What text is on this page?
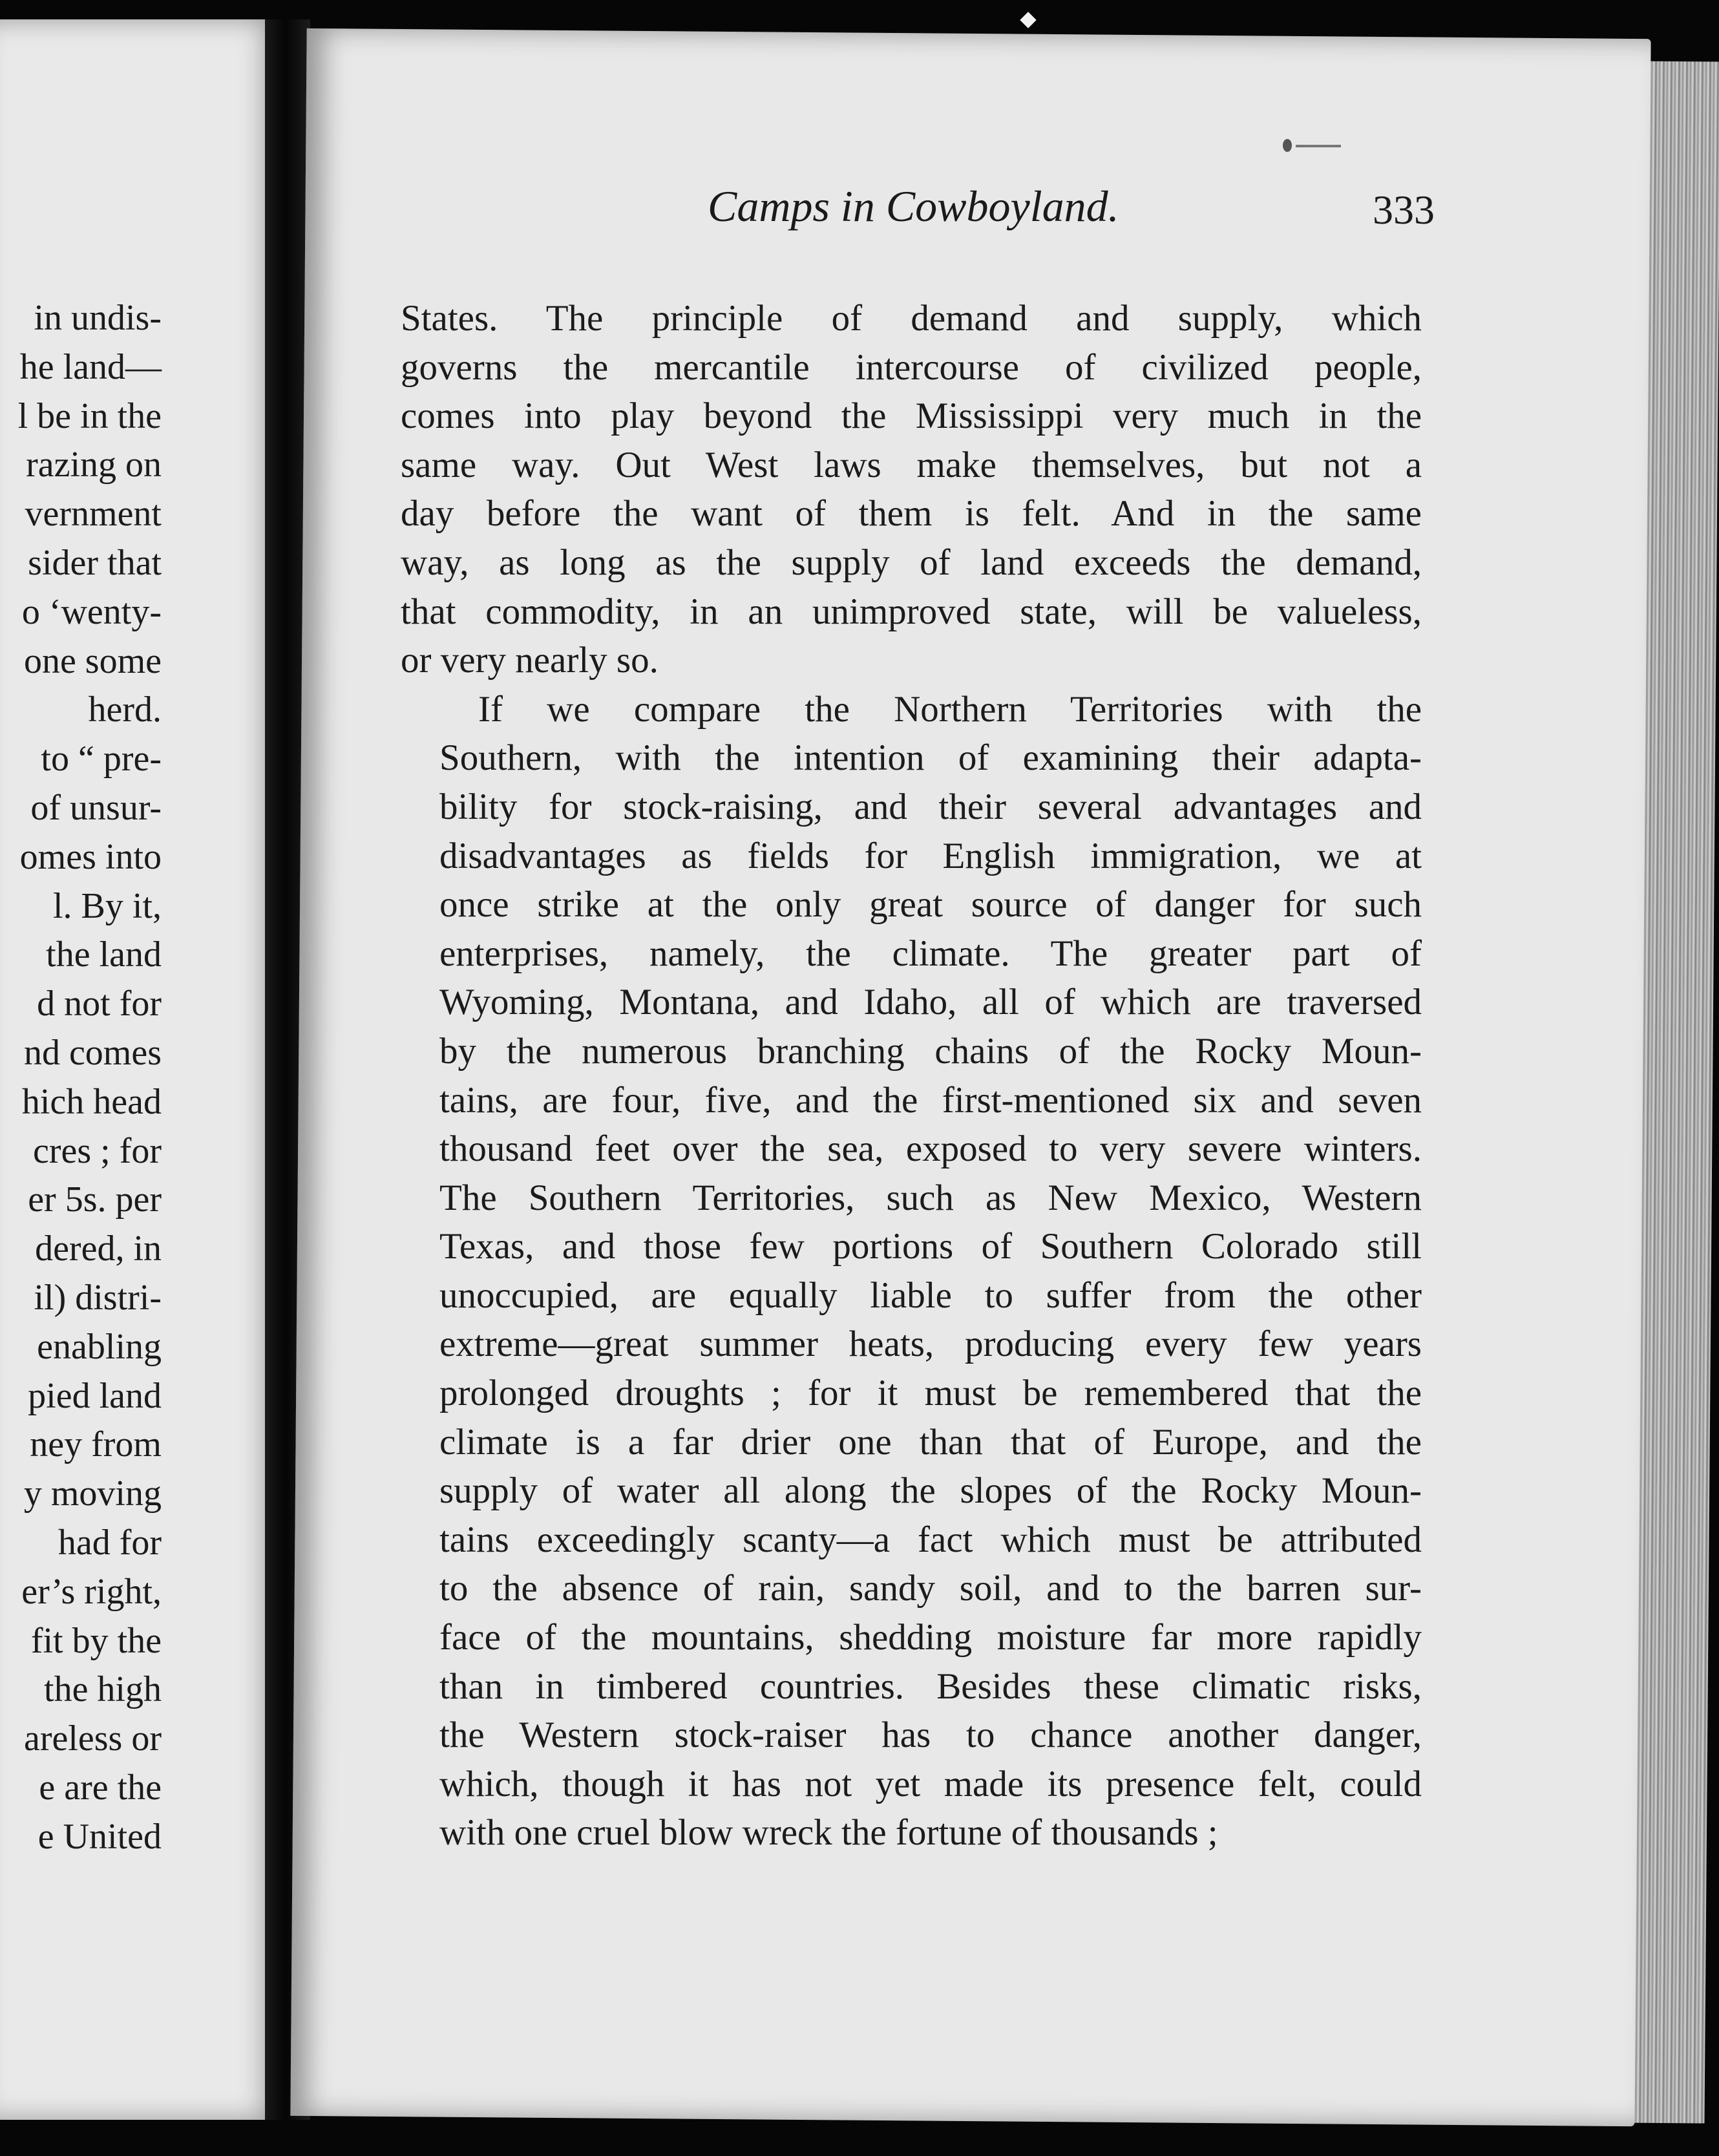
in undis-
he land—
l be in the
razing on
vernment
sider that
o ‘wenty-
one some
herd.
to “ pre-
of unsur-
omes into
l. By it,
the land
d not for
nd comes
hich head
cres ; for
er 5s. per
dered, in
il) distri-
enabling
pied land
ney from
y moving
had for
er’s right,
fit by the
the high
areless or
e are the
e United
Camps in Cowboyland.	333

States. The principle of demand and supply, which
governs the mercantile intercourse of civilized people,
comes into play beyond the Mississippi very much in the
same way. Out West laws make themselves, but not a
day before the want of them is felt. And in the same
way, as long as the supply of land exceeds the demand,
that commodity, in an unimproved state, will be valueless,
or very nearly so.

If we compare the Northern Territories with the
Southern, with the intention of examining their adapta-
bility for stock-raising, and their several advantages and
disadvantages as fields for English immigration, we at
once strike at the only great source of danger for such
enterprises, namely, the climate. The greater part of
Wyoming, Montana, and Idaho, all of which are traversed
by the numerous branching chains of the Rocky Moun-
tains, are four, five, and the first-mentioned six and seven
thousand feet over the sea, exposed to very severe winters.
The Southern Territories, such as New Mexico, Western
Texas, and those few portions of Southern Colorado still
unoccupied, are equally liable to suffer from the other
extreme—great summer heats, producing every few years
prolonged droughts ; for it must be remembered that the
climate is a far drier one than that of Europe, and the
supply of water all along the slopes of the Rocky Moun-
tains exceedingly scanty—a fact which must be attributed
to the absence of rain, sandy soil, and to the barren sur-
face of the mountains, shedding moisture far more rapidly
than in timbered countries. Besides these climatic risks,
the Western stock-raiser has to chance another danger,
which, though it has not yet made its presence felt, could
with one cruel blow wreck the fortune of thousands ;
